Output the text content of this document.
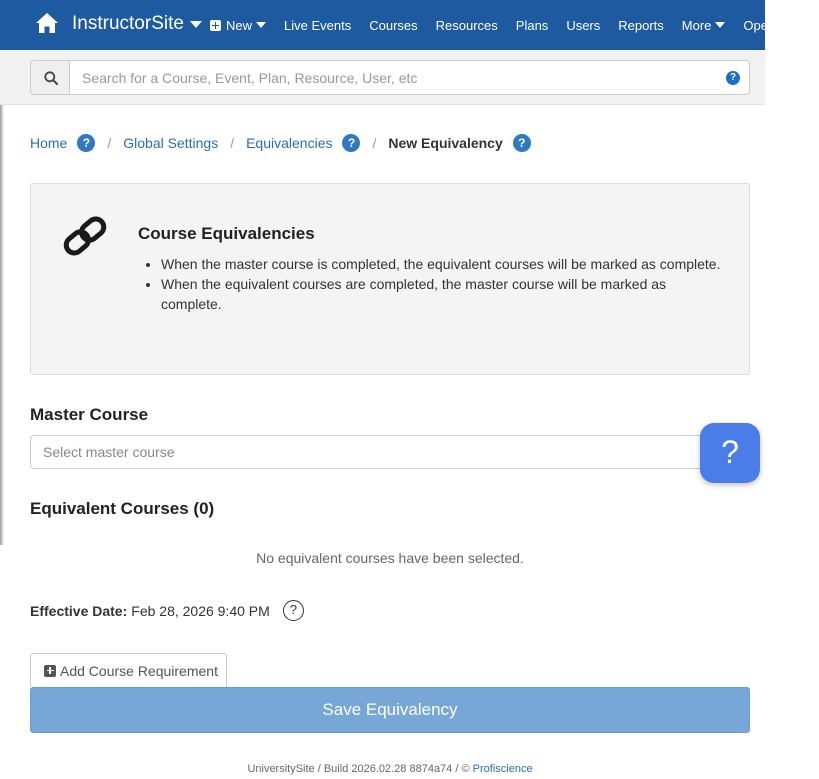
InstructorSite	New Live Events Courses Resources Plans Users Reports More Openclaw
Search for a Course, Event, Plan, Resource, User, etc
?
Home	?	/ Global Settings / Equivalencies	?	/ New Equivalency	?
Course Equivalencies
• When the master course is completed, the equivalent courses will be marked as complete.
• When the equivalent courses are completed, the master course will be marked as complete.
Master Course
Select master course	?
Equivalent Courses (0)
No equivalent courses have been selected.
Effective Date: Feb 28, 2026 9:40 PM	?
Add Course Requirement
Save Equivalency
UniversitySite / Build 2026.02.28 8874a74 / © Profiscience
